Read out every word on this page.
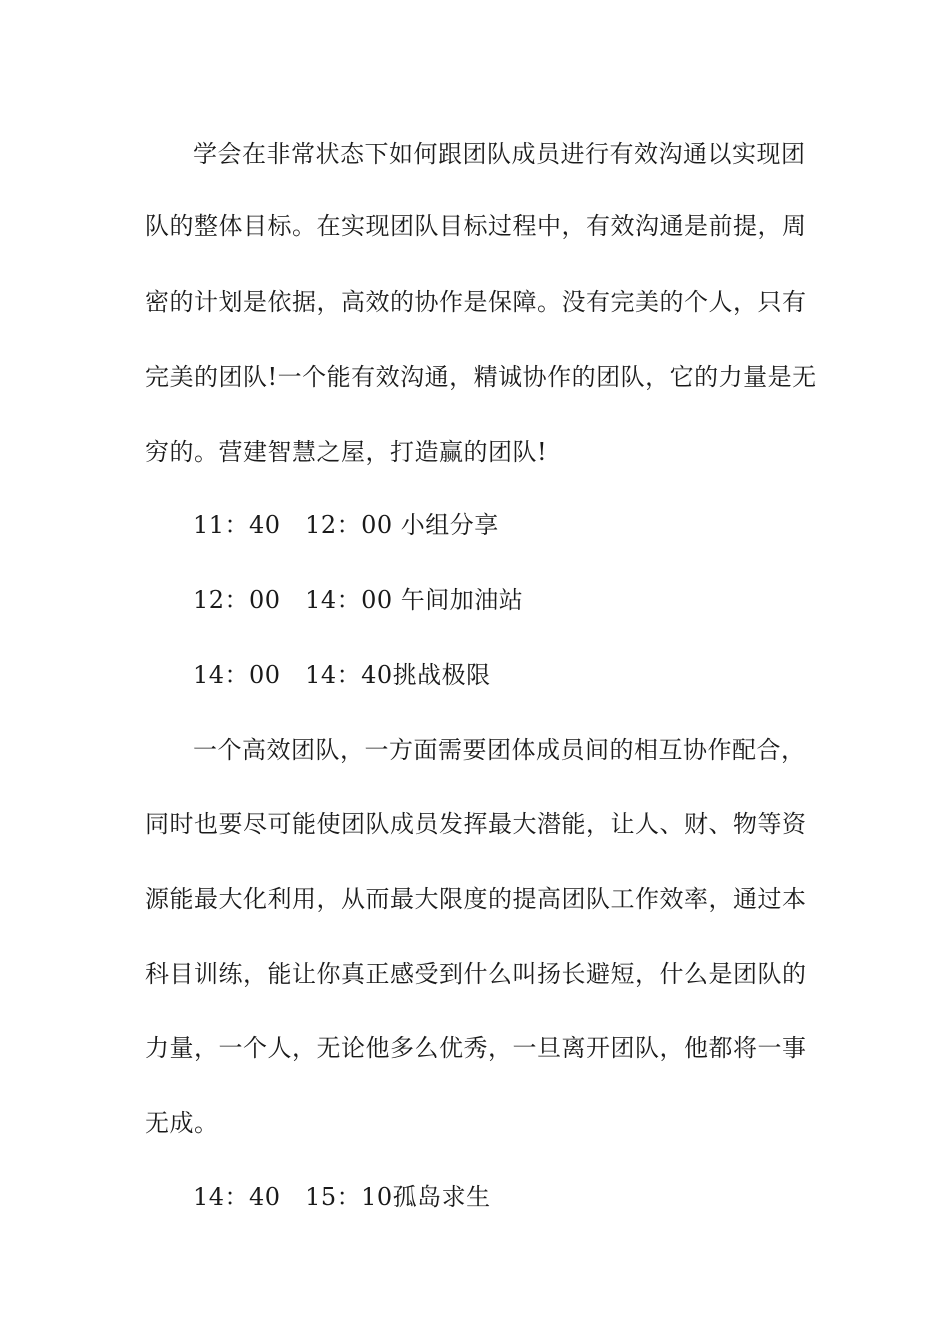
学会在非常状态下如何跟团队成员进行有效沟通以实现团
队的整体目标。在实现团队目标过程中，有效沟通是前提，周
密的计划是依据，高效的协作是保障。没有完美的个人，只有
完美的团队!一个能有效沟通，精诚协作的团队，它的力量是无
穷的。营建智慧之屋，打造赢的团队!
11：40　12：00 小组分享
12：00　14：00 午间加油站
14：00　14：40挑战极限
一个高效团队，一方面需要团体成员间的相互协作配合，
同时也要尽可能使团队成员发挥最大潜能，让人、财、物等资
源能最大化利用，从而最大限度的提高团队工作效率，通过本
科目训练，能让你真正感受到什么叫扬长避短，什么是团队的
力量，一个人，无论他多么优秀，一旦离开团队，他都将一事
无成。
14：40　15：10孤岛求生
